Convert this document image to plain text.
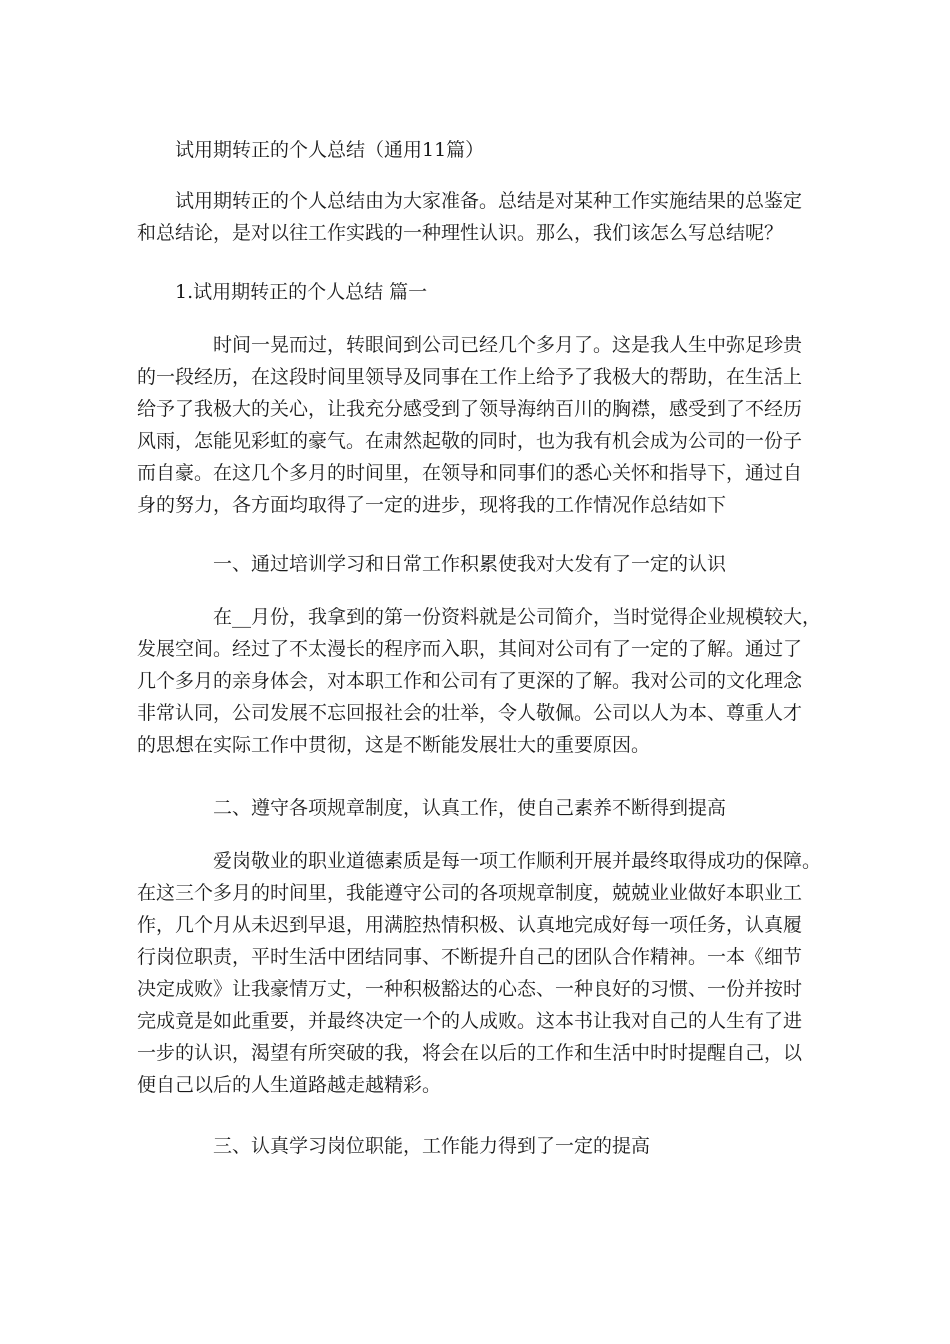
　　试用期转正的个人总结（通用11篇）

　　试用期转正的个人总结由为大家准备。总结是对某种工作实施结果的总鉴定
和总结论，是对以往工作实践的一种理性认识。那么，我们该怎么写总结呢？

　　1.试用期转正的个人总结 篇一

　　　　时间一晃而过，转眼间到公司已经几个多月了。这是我人生中弥足珍贵
的一段经历，在这段时间里领导及同事在工作上给予了我极大的帮助，在生活上
给予了我极大的关心，让我充分感受到了领导海纳百川的胸襟，感受到了不经历
风雨，怎能见彩虹的豪气。在肃然起敬的同时，也为我有机会成为公司的一份子
而自豪。在这几个多月的时间里，在领导和同事们的悉心关怀和指导下，通过自
身的努力，各方面均取得了一定的进步，现将我的工作情况作总结如下

　　　　一、通过培训学习和日常工作积累使我对大发有了一定的认识

　　　　在__月份，我拿到的第一份资料就是公司简介，当时觉得企业规模较大，
发展空间。经过了不太漫长的程序而入职，其间对公司有了一定的了解。通过了
几个多月的亲身体会，对本职工作和公司有了更深的了解。我对公司的文化理念
非常认同，公司发展不忘回报社会的壮举，令人敬佩。公司以人为本、尊重人才
的思想在实际工作中贯彻，这是不断能发展壮大的重要原因。

　　　　二、遵守各项规章制度，认真工作，使自己素养不断得到提高

　　　　爱岗敬业的职业道德素质是每一项工作顺利开展并最终取得成功的保障。
在这三个多月的时间里，我能遵守公司的各项规章制度，兢兢业业做好本职业工
作，几个月从未迟到早退，用满腔热情积极、认真地完成好每一项任务，认真履
行岗位职责，平时生活中团结同事、不断提升自己的团队合作精神。一本《细节
决定成败》让我豪情万丈，一种积极豁达的心态、一种良好的习惯、一份并按时
完成竟是如此重要，并最终决定一个的人成败。这本书让我对自己的人生有了进
一步的认识，渴望有所突破的我，将会在以后的工作和生活中时时提醒自己，以
便自己以后的人生道路越走越精彩。

　　　　三、认真学习岗位职能，工作能力得到了一定的提高
